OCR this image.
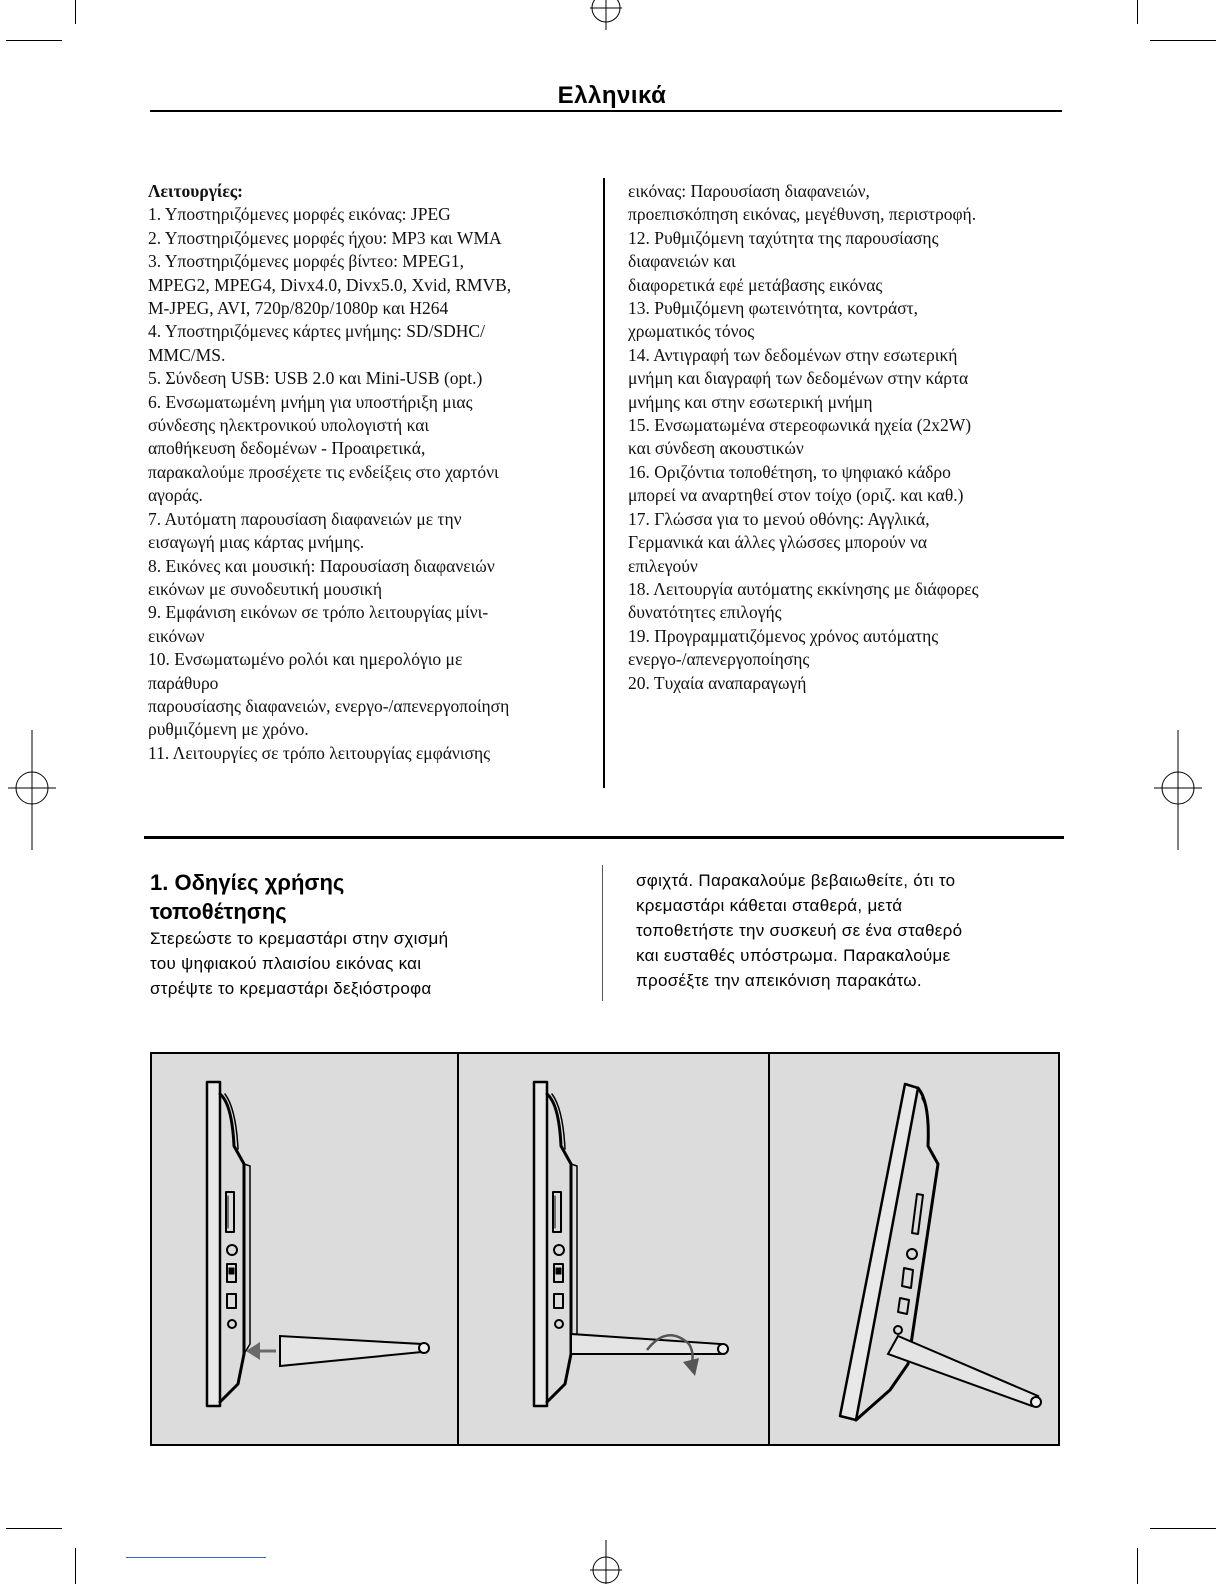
Ελληνικά
Λειτουργίες:
1. Υποστηριζόμενες μορφές εικόνας: JPEG
2. Υποστηριζόμενες μορφές ήχου: MP3 και WMA
3. Υποστηριζόμενες μορφές βίντεο: MPEG1,
MPEG2, MPEG4, Divx4.0, Divx5.0, Xvid, RMVB,
M-JPEG, AVI, 720p/820p/1080p και H264
4. Υποστηριζόμενες κάρτες μνήμης: SD/SDHC/
MMC/MS.
5. Σύνδεση USB: USB 2.0 και Mini-USB (opt.)
6. Ενσωματωμένη μνήμη για υποστήριξη μιας
σύνδεσης ηλεκτρονικού υπολογιστή και
αποθήκευση δεδομένων - Προαιρετικά,
παρακαλούμε προσέχετε τις ενδείξεις στο χαρτόνι
αγοράς.
7. Αυτόματη παρουσίαση διαφανειών με την
εισαγωγή μιας κάρτας μνήμης.
8. Εικόνες και μουσική: Παρουσίαση διαφανειών
εικόνων με συνοδευτική μουσική
9. Εμφάνιση εικόνων σε τρόπο λειτουργίας μίνι-
εικόνων
10. Ενσωματωμένο ρολόι και ημερολόγιο με
παράθυρο
παρουσίασης διαφανειών, ενεργο-/απενεργοποίηση
ρυθμιζόμενη με χρόνο.
11. Λειτουργίες σε τρόπο λειτουργίας εμφάνισης
εικόνας: Παρουσίαση διαφανειών,
προεπισκόπηση εικόνας, μεγέθυνση, περιστροφή.
12. Ρυθμιζόμενη ταχύτητα της παρουσίασης
διαφανειών και
διαφορετικά εφέ μετάβασης εικόνας
13. Ρυθμιζόμενη φωτεινότητα, κοντράστ,
χρωματικός τόνος
14. Αντιγραφή των δεδομένων στην εσωτερική
μνήμη και διαγραφή των δεδομένων στην κάρτα
μνήμης και στην εσωτερική μνήμη
15. Ενσωματωμένα στερεοφωνικά ηχεία (2x2W)
και σύνδεση ακουστικών
16. Οριζόντια τοποθέτηση, το ψηφιακό κάδρο
μπορεί να αναρτηθεί στον τοίχο (οριζ. και καθ.)
17. Γλώσσα για το μενού οθόνης: Αγγλικά,
Γερμανικά και άλλες γλώσσες μπορούν να
επιλεγούν
18. Λειτουργία αυτόματης εκκίνησης με διάφορες
δυνατότητες επιλογής
19. Προγραμματιζόμενος χρόνος αυτόματης
ενεργο-/απενεργοποίησης
20. Τυχαία αναπαραγωγή
1. Οδηγίες χρήσης
τοποθέτησης
Στερεώστε το κρεμαστάρι στην σχισμή
του ψηφιακού πλαισίου εικόνας και
στρέψτε το κρεμαστάρι δεξιόστροφα
σφιχτά. Παρακαλούμε βεβαιωθείτε, ότι το
κρεμαστάρι κάθεται σταθερά, μετά
τοποθετήστε την συσκευή σε ένα σταθερό
και ευσταθές υπόστρωμα. Παρακαλούμε
προσέξτε την απεικόνιση παρακάτω.
